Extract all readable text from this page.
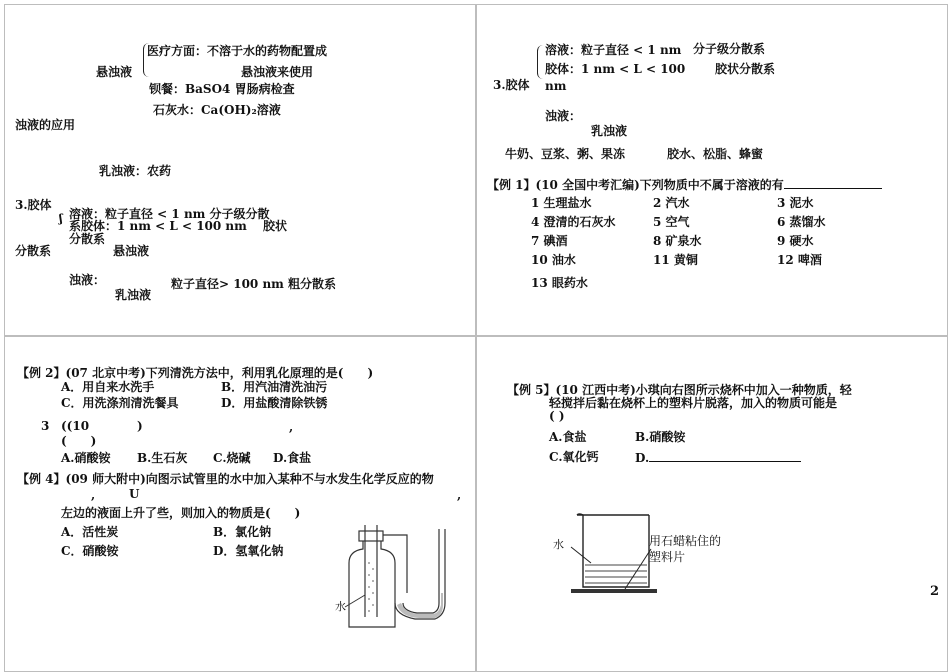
医疗方面：不溶于水的药物配置成
悬浊液	悬浊液来使用
钡餐：BaSO4 胃肠病检查
石灰水：Ca(OH)₂溶液
浊液的应用
乳浊液：农药
3.胶体
ʃ 溶液：粒子直径 < 1 nm 分子级分散
系胶体：1 nm < L < 100 nm 胶状
分散系
分散系	悬浊液
浊液：	粒子直径> 100 nm 粗分散系
乳浊液
溶液：粒子直径 < 1 nm 分子级分散系
胶体：1 nm < L < 100 胶状分散系
3.胶体 nm
浊液：
乳浊液
牛奶、豆浆、粥、果冻	胶水、松脂、蜂蜜
【例 1】(10 全国中考汇编)下列物质中不属于溶液的有
1 生理盐水	2 汽水	3 泥水
4 澄清的石灰水	5 空气	6 蒸馏水
7 碘酒	8 矿泉水	9 硬水
10 油水	11 黄铜	12 啤酒
13 眼药水
【例 2】(07 北京中考)下列清洗方法中，利用乳化原理的是(　　)
A．用自来水洗手	B．用汽油清洗油污
C．用洗涤剂清洗餐具	D．用盐酸清除铁锈
3 ((10	)	,
(　　)
A.硝酸铵 B.生石灰 C.烧碱 D.食盐
【例 4】(09 师大附中)向图示试管里的水中加入某种不与水发生化学反应的物
,	U	,
左边的液面上升了些，则加入的物质是(　　)
A．活性炭	B．氯化钠
C．硝酸铵	D．氢氧化钠
水
【例 5】(10 江西中考)小琪向右图所示烧杯中加入一种物质，轻
轻搅拌后黏在烧杯上的塑料片脱落，加入的物质可能是
( )
A.食盐	B.硝酸铵
C.氧化钙	D.
水	用石蜡粘住的
塑料片
2
